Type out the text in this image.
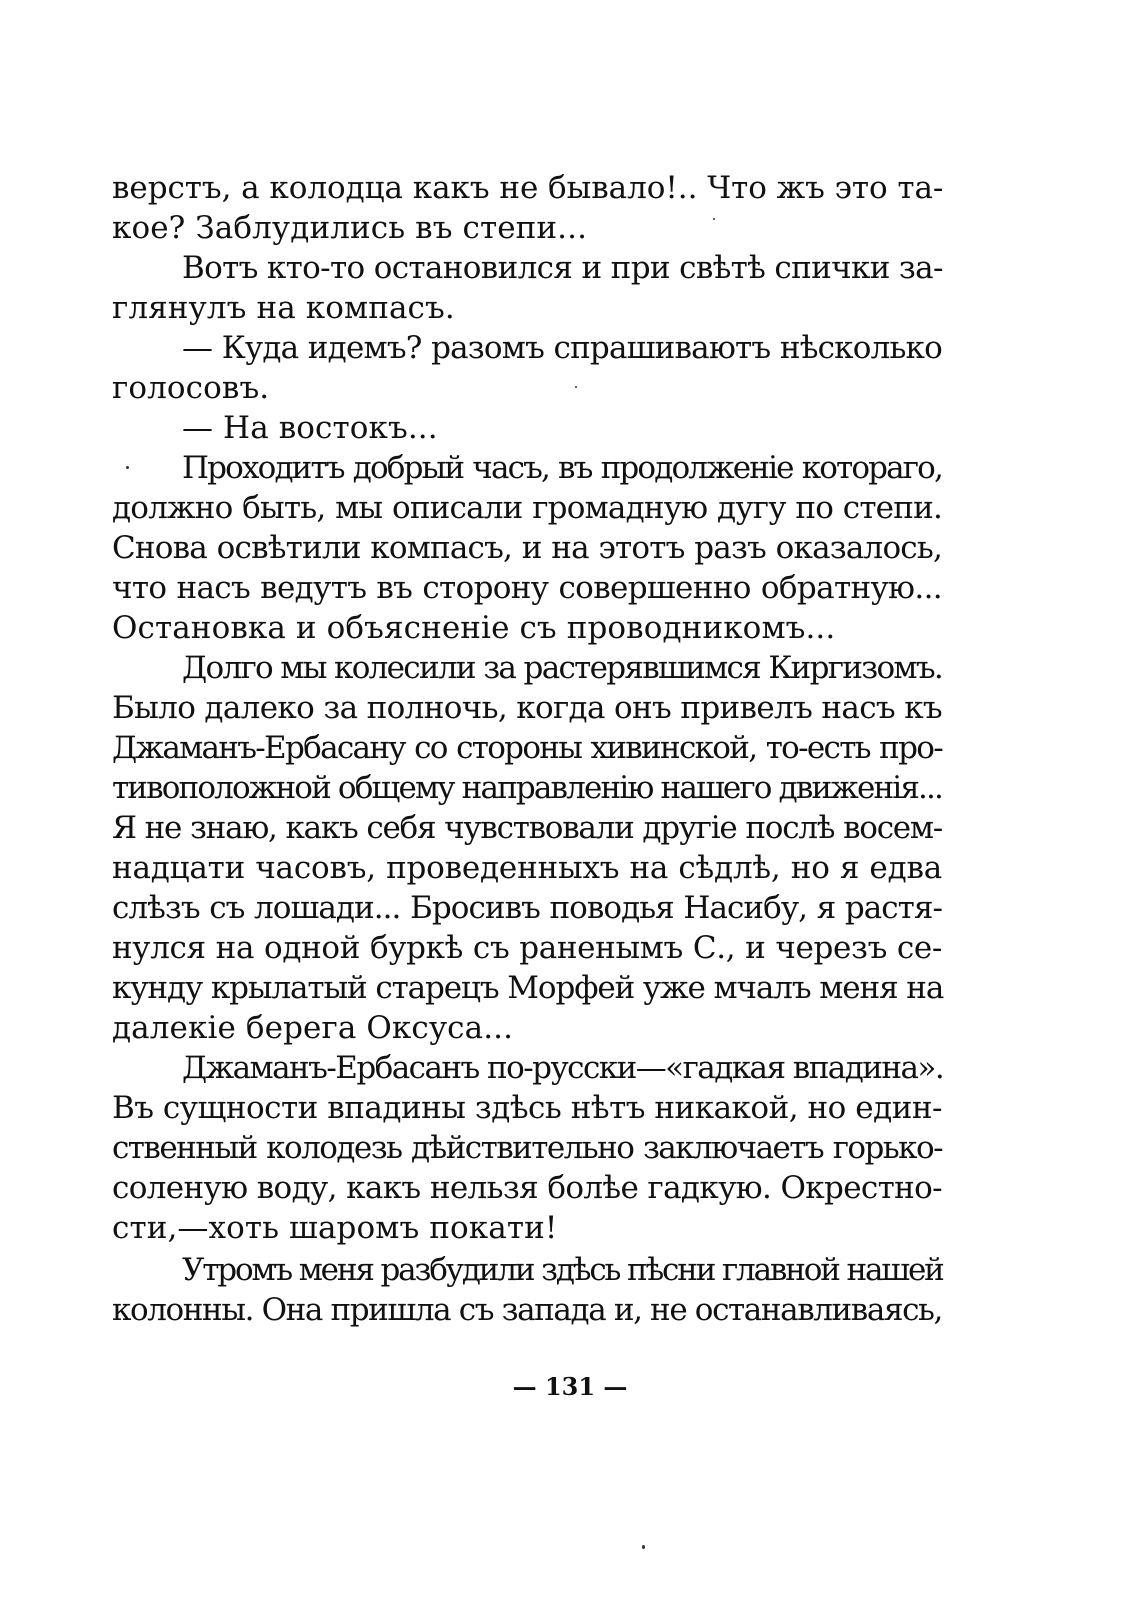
верстъ, а колодца какъ не бывало!.. Что жъ это та-
кое? Заблудились въ степи...
Вотъ кто-то остановился и при свѣтѣ спички за-
глянулъ на компасъ.
— Куда идемъ? разомъ спрашиваютъ нѣсколько
голосовъ.
— На востокъ...
Проходитъ добрый часъ, въ продолженіе котораго,
должно быть, мы описали громадную дугу по степи.
Снова освѣтили компасъ, и на этотъ разъ оказалось,
что насъ ведутъ въ сторону совершенно обратную...
Остановка и объясненіе съ проводникомъ...
Долго мы колесили за растерявшимся Киргизомъ.
Было далеко за полночь, когда онъ привелъ насъ къ
Джаманъ-Ербасану со стороны хивинской, то-есть про-
тивоположной общему направленію нашего движенія...
Я не знаю, какъ себя чувствовали другіе послѣ восем-
надцати часовъ, проведенныхъ на сѣдлѣ, но я едва
слѣзъ съ лошади... Бросивъ поводья Насибу, я растя-
нулся на одной буркѣ съ раненымъ С., и черезъ се-
кунду крылатый старецъ Морфей уже мчалъ меня на
далекіе берега Оксуса...
Джаманъ-Ербасанъ по-русски—«гадкая впадина».
Въ сущности впадины здѣсь нѣтъ никакой, но един-
ственный колодезь дѣйствительно заключаетъ горько-
соленую воду, какъ нельзя болѣе гадкую. Окрестно-
сти,—хоть шаромъ покати!
Утромъ меня разбудили здѣсь пѣсни главной нашей
колонны. Она пришла съ запада и, не останавливаясь,
— 131 —
